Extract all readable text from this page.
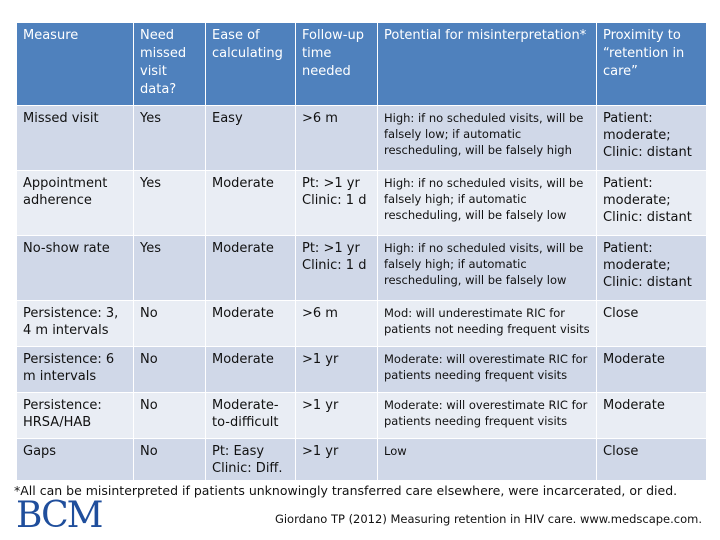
Measure	Need missed visit data?	Ease of calculating	Follow-up time needed	Potential for misinterpretation*	Proximity to “retention in care”
Missed visit	Yes	Easy	>6 m	High: if no scheduled visits, will be falsely low; if automatic rescheduling, will be falsely high	Patient: moderate; Clinic: distant
Appointment adherence	Yes	Moderate	Pt: >1 yr Clinic: 1 d	High: if no scheduled visits, will be falsely high; if automatic rescheduling, will be falsely low	Patient: moderate; Clinic: distant
No-show rate	Yes	Moderate	Pt: >1 yr Clinic: 1 d	High: if no scheduled visits, will be falsely high; if automatic rescheduling, will be falsely low	Patient: moderate; Clinic: distant
Persistence: 3, 4 m intervals	No	Moderate	>6 m	Mod: will underestimate RIC for patients not needing frequent visits	Close
Persistence: 6 m intervals	No	Moderate	>1 yr	Moderate: will overestimate RIC for patients needing frequent visits	Moderate
Persistence: HRSA/HAB	No	Moderate-to-difficult	>1 yr	Moderate: will overestimate RIC for patients needing frequent visits	Moderate
Gaps	No	Pt: Easy Clinic: Diff.	>1 yr	Low	Close
*All can be misinterpreted if patients unknowingly transferred care elsewhere, were incarcerated, or died.
BCM	Giordano TP (2012) Measuring retention in HIV care. www.medscape.com.
